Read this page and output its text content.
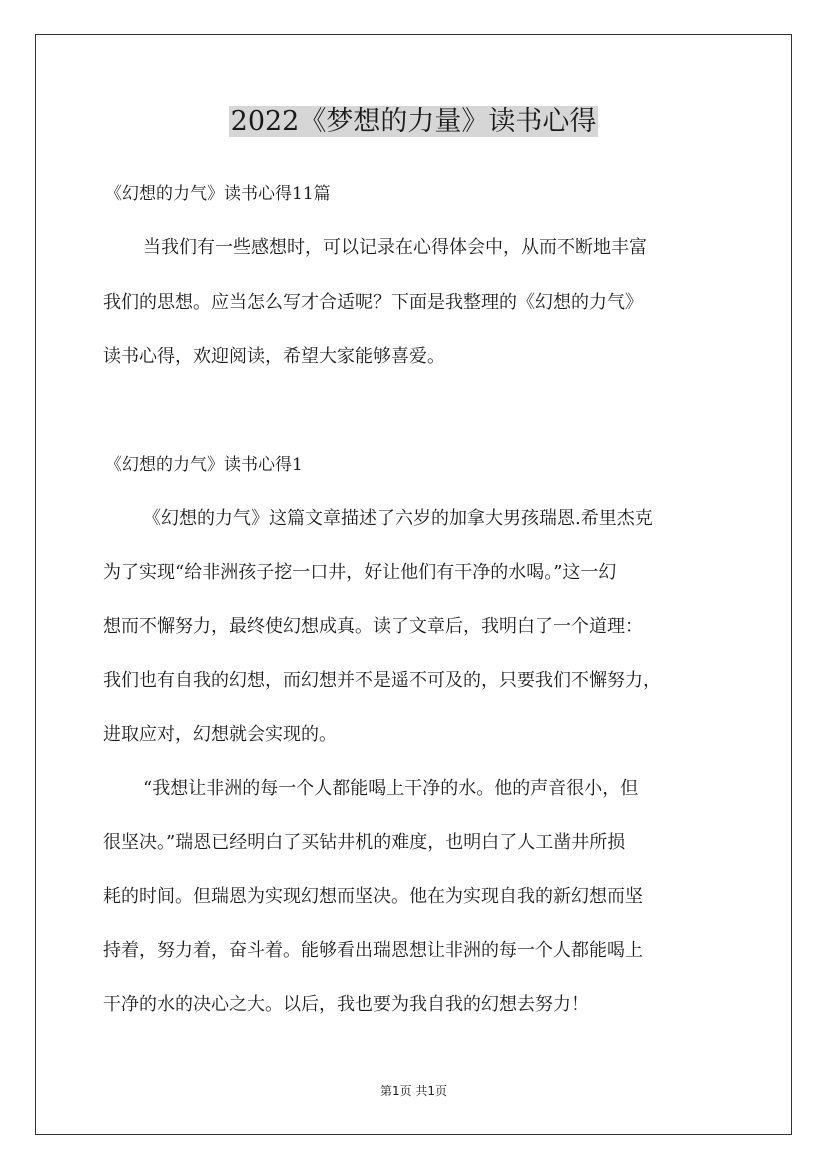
2022《梦想的力量》读书心得
《幻想的力气》读书心得11篇
当我们有一些感想时，可以记录在心得体会中，从而不断地丰富
我们的思想。应当怎么写才合适呢？下面是我整理的《幻想的力气》
读书心得，欢迎阅读，希望大家能够喜爱。
《幻想的力气》读书心得1
《幻想的力气》这篇文章描述了六岁的加拿大男孩瑞恩.希里杰克
为了实现“给非洲孩子挖一口井，好让他们有干净的水喝。”这一幻
想而不懈努力，最终使幻想成真。读了文章后，我明白了一个道理：
我们也有自我的幻想，而幻想并不是遥不可及的，只要我们不懈努力，
进取应对，幻想就会实现的。
“我想让非洲的每一个人都能喝上干净的水。他的声音很小，但
很坚决。”瑞恩已经明白了买钻井机的难度，也明白了人工凿井所损
耗的时间。但瑞恩为实现幻想而坚决。他在为实现自我的新幻想而坚
持着，努力着，奋斗着。能够看出瑞恩想让非洲的每一个人都能喝上
干净的水的决心之大。以后，我也要为我自我的幻想去努力！
第1页 共1页
